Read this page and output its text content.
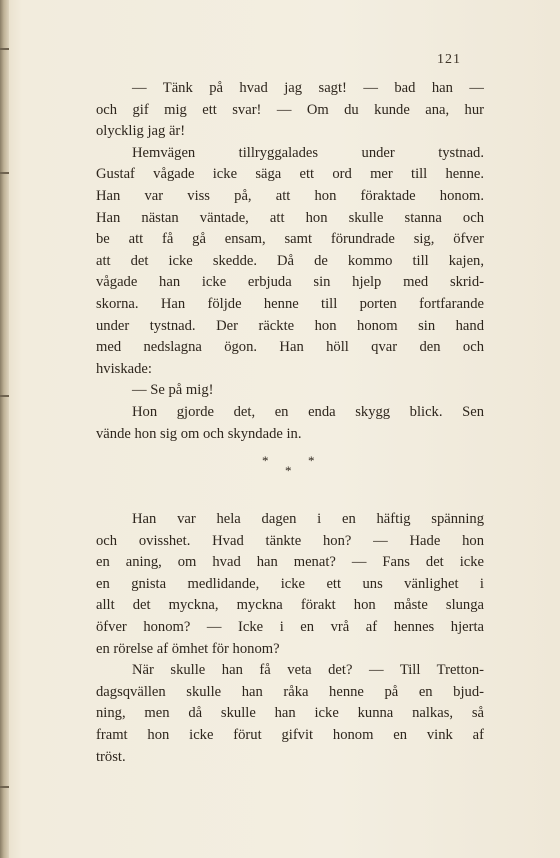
121
— Tänk på hvad jag sagt! — bad han —
och gif mig ett svar! — Om du kunde ana, hur
olycklig jag är!
Hemvägen tillryggalades under tystnad.
Gustaf vågade icke säga ett ord mer till henne.
Han var viss på, att hon föraktade honom.
Han nästan väntade, att hon skulle stanna och
be att få gå ensam, samt förundrade sig, öfver
att det icke skedde. Då de kommo till kajen,
vågade han icke erbjuda sin hjelp med skrid-
skorna. Han följde henne till porten fortfarande
under tystnad. Der räckte hon honom sin hand
med nedslagna ögon. Han höll qvar den och
hviskade:
— Se på mig!
Hon gjorde det, en enda skygg blick. Sen
vände hon sig om och skyndade in.
*	*
*
Han var hela dagen i en häftig spänning
och ovisshet. Hvad tänkte hon? — Hade hon
en aning, om hvad han menat? — Fans det icke
en gnista medlidande, icke ett uns vänlighet i
allt det myckna, myckna förakt hon måste slunga
öfver honom? — Icke i en vrå af hennes hjerta
en rörelse af ömhet för honom?
När skulle han få veta det? — Till Tretton-
dagsqvällen skulle han råka henne på en bjud-
ning, men då skulle han icke kunna nalkas, så
framt hon icke förut gifvit honom en vink af
tröst.
